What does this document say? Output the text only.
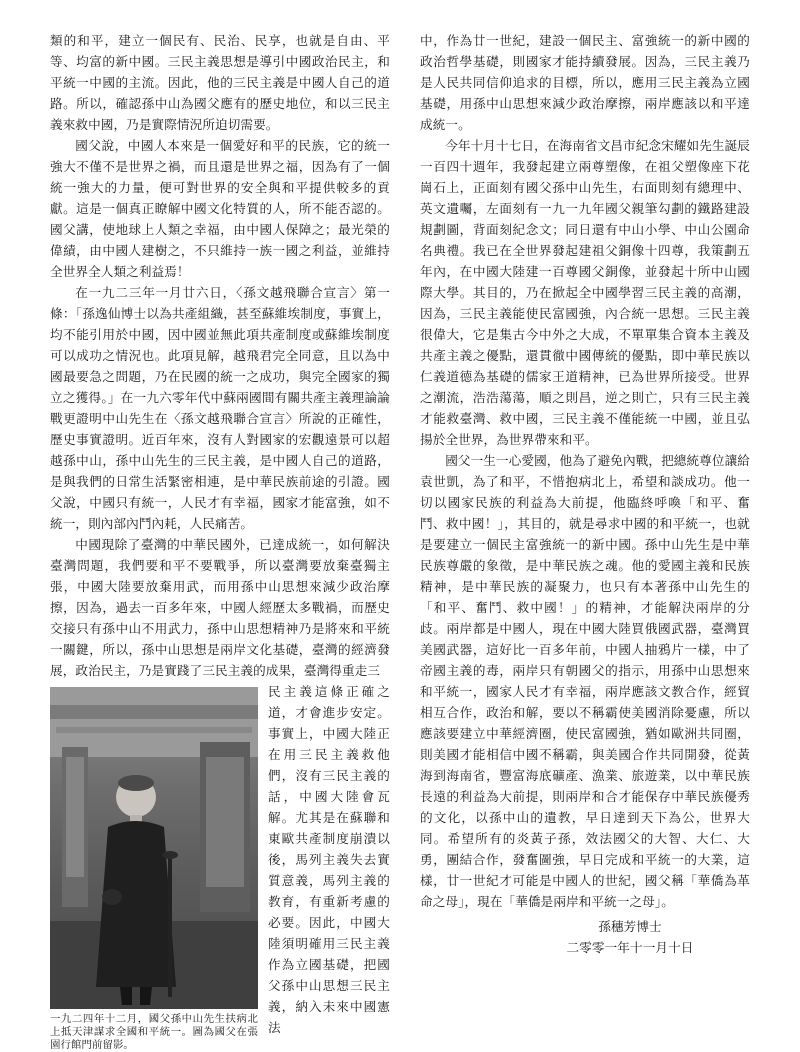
類的和平，建立一個民有、民治、民享，也就是自由、平等、均富的新中國。三民主義思想是導引中國政治民主，和平統一中國的主流。因此，他的三民主義是中國人自己的道路。所以，確認孫中山為國父應有的歷史地位，和以三民主義來救中國，乃是實際情況所迫切需要。

國父說，中國人本來是一個愛好和平的民族，它的統一強大不僅不是世界之禍，而且還是世界之福，因為有了一個統一強大的力量，便可對世界的安全與和平提供較多的貢獻。這是一個真正瞭解中國文化特質的人，所不能否認的。國父講，使地球上人類之幸福，由中國人保障之；最光榮的偉績，由中國人建樹之，不只維持一族一國之利益，並維持全世界全人類之利益焉！

在一九二三年一月廿六日，〈孫文越飛聯合宣言〉第一條：「孫逸仙博士以為共產組織，甚至蘇維埃制度，事實上，均不能引用於中國，因中國並無此項共產制度或蘇維埃制度可以成功之情況也。此項見解，越飛君完全同意，且以為中國最要急之問題，乃在民國的統一之成功，與完全國家的獨立之獲得。」在一九六零年代中蘇兩國間有關共產主義理論論戰更證明中山先生在〈孫文越飛聯合宣言〉所說的正確性，歷史事實證明。近百年來，沒有人對國家的宏觀遠景可以超越孫中山，孫中山先生的三民主義，是中國人自己的道路，是與我們的日常生活緊密相連，是中華民族前途的引證。國父說，中國只有統一，人民才有幸福，國家才能富強，如不統一，則內部內鬥內耗，人民痛苦。

中國現除了臺灣的中華民國外，已達成統一，如何解決臺灣問題，我們要和平不要戰爭，所以臺灣要放棄臺獨主張，中國大陸要放棄用武，而用孫中山思想來減少政治摩擦，因為，過去一百多年來，中國人經歷太多戰禍，而歷史交接只有孫中山不用武力，孫中山思想精神乃是將來和平統一關鍵，所以，孫中山思想是兩岸文化基礎，臺灣的經濟發展，政治民主，乃是實踐了三民主義的成果，臺灣得重走三

一九二四年十二月，國父孫中山先生扶病北上抵天津謀求全國和平統一。圖為國父在張園行館門前留影。

民主義這條正確之道，才會進步安定。事實上，中國大陸正在用三民主義救他們，沒有三民主義的話，中國大陸會瓦解。尤其是在蘇聯和東歐共產制度崩潰以後，馬列主義失去實質意義，馬列主義的教育，有重新考慮的必要。因此，中國大陸須明確用三民主義作為立國基礎，把國父孫中山思想三民主義，納入未來中國憲法

中，作為廿一世紀，建設一個民主、富強統一的新中國的政治哲學基礎，則國家才能持續發展。因為，三民主義乃是人民共同信仰追求的目標，所以，應用三民主義為立國基礎，用孫中山思想來減少政治摩擦，兩岸應該以和平達成統一。

今年十月十七日，在海南省文昌市紀念宋耀如先生誕辰一百四十週年，我發起建立兩尊塑像，在祖父塑像座下花崗石上，正面刻有國父孫中山先生，右面則刻有總理中、英文遺囑，左面刻有一九一九年國父親筆勾劃的鐵路建設規劃圖，背面刻紀念文；同日還有中山小學、中山公園命名典禮。我已在全世界發起建祖父銅像十四尊，我策劃五年內，在中國大陸建一百尊國父銅像，並發起十所中山國際大學。其目的，乃在掀起全中國學習三民主義的高潮，因為，三民主義能使民富國強，內合統一思想。三民主義很偉大，它是集古今中外之大成，不單單集合資本主義及共產主義之優點，還貫徹中國傳統的優點，即中華民族以仁義道德為基礎的儒家王道精神，已為世界所接受。世界之潮流，浩浩蕩蕩，順之則昌，逆之則亡，只有三民主義才能救臺灣、救中國，三民主義不僅能統一中國，並且弘揚於全世界，為世界帶來和平。

國父一生一心愛國，他為了避免內戰，把總統尊位讓給袁世凱，為了和平，不惜抱病北上，希望和談成功。他一切以國家民族的利益為大前提，他臨終呼喚「和平、奮鬥、救中國！」，其目的，就是尋求中國的和平統一，也就是要建立一個民主富強統一的新中國。孫中山先生是中華民族尊嚴的象徵，是中華民族之魂。他的愛國主義和民族精神，是中華民族的凝聚力，也只有本著孫中山先生的「和平、奮鬥、救中國！」的精神，才能解決兩岸的分歧。兩岸都是中國人，現在中國大陸買俄國武器，臺灣買美國武器，這好比一百多年前，中國人抽鴉片一樣，中了帝國主義的毒，兩岸只有朝國父的指示，用孫中山思想來和平統一，國家人民才有幸福，兩岸應該文教合作，經貿相互合作，政治和解，要以不稱霸使美國消除憂慮，所以應該要建立中華經濟圈，使民富國強，猶如歐洲共同圈，則美國才能相信中國不稱霸，與美國合作共同開發，從黃海到海南省，豐富海底礦產、漁業、旅遊業，以中華民族長遠的利益為大前提，則兩岸和合才能保存中華民族優秀的文化，以孫中山的遺教，早日達到天下為公，世界大同。希望所有的炎黃子孫，效法國父的大智、大仁、大勇，團結合作，發奮圖強，早日完成和平統一的大業，這樣，廿一世紀才可能是中國人的世紀，國父稱「華僑為革命之母」，現在「華僑是兩岸和平統一之母」。

孫穗芳博士
二零零一年十一月十日
